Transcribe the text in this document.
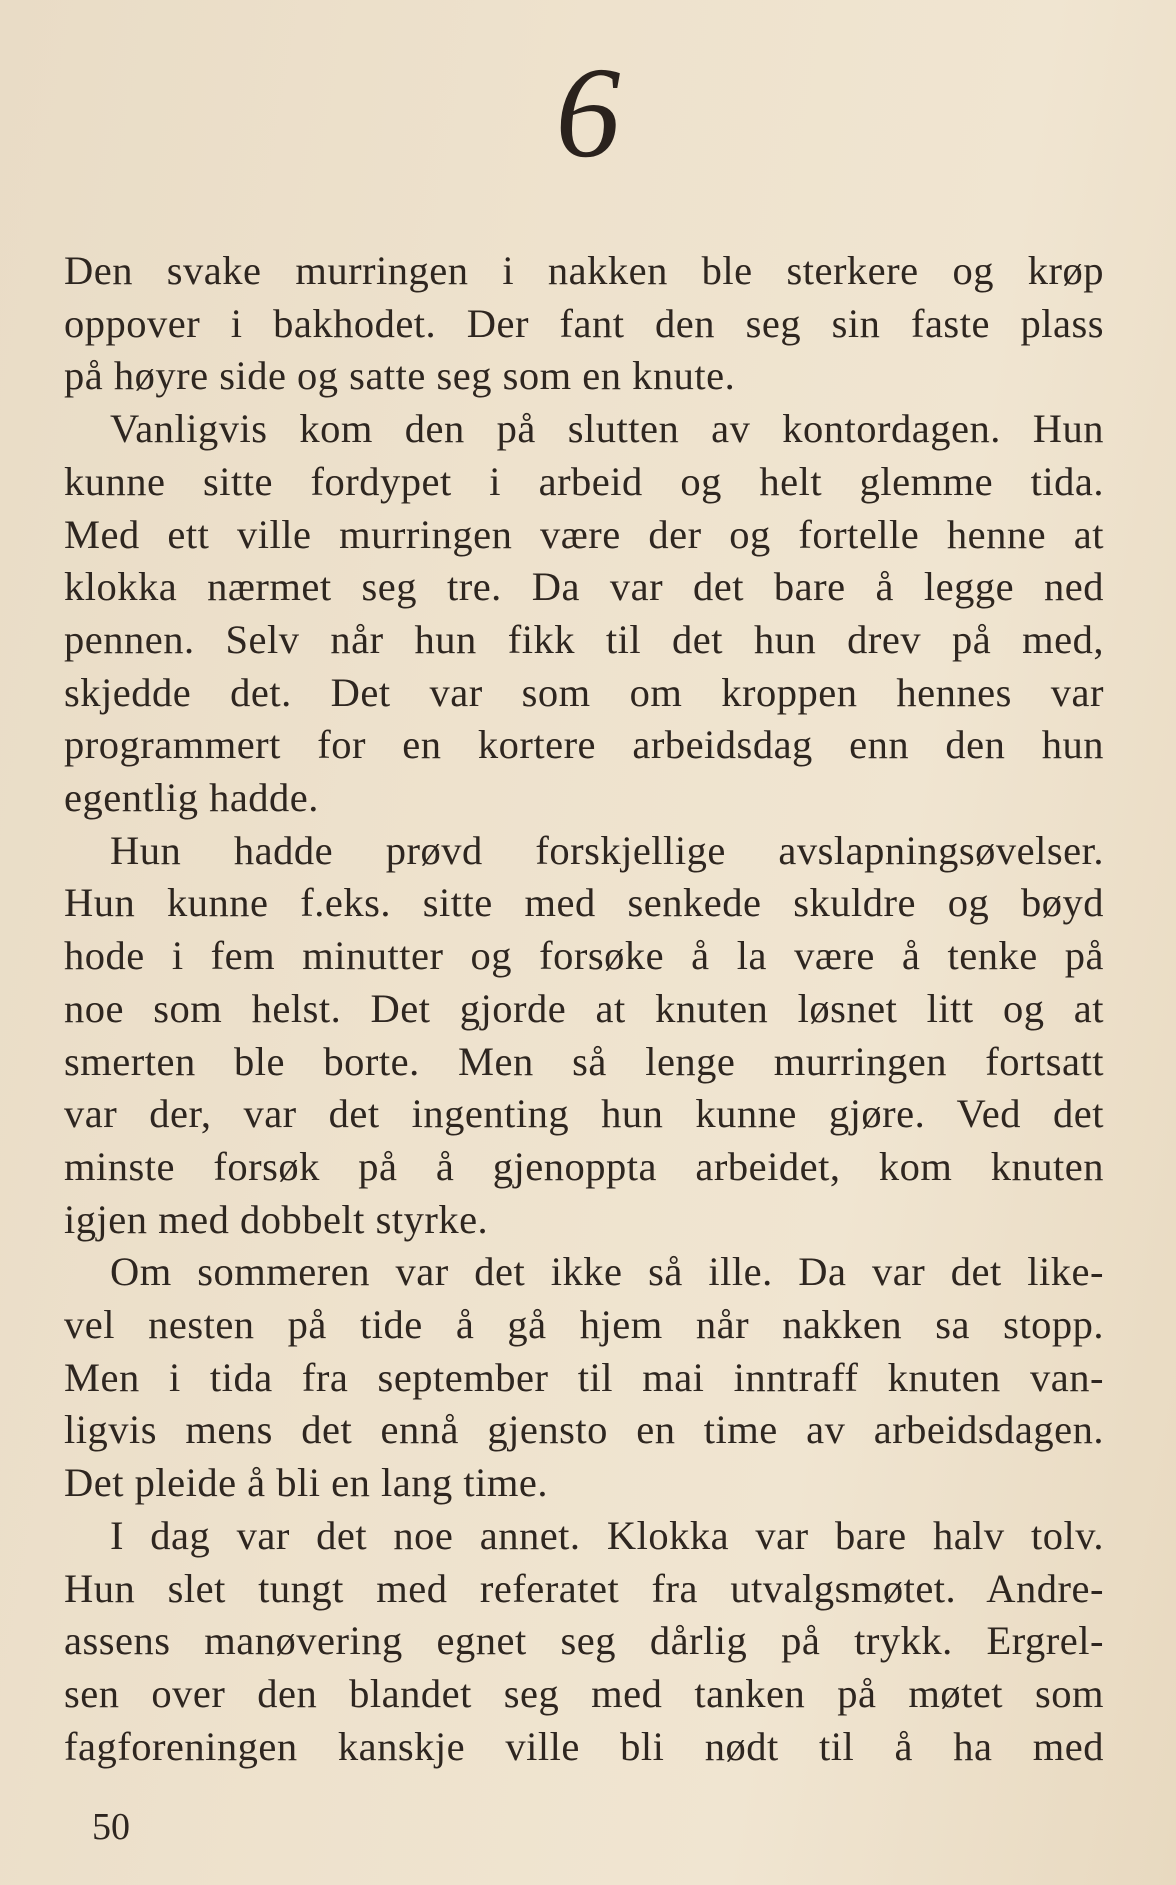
6

Den svake murringen i nakken ble sterkere og krøp
oppover i bakhodet. Der fant den seg sin faste plass
på høyre side og satte seg som en knute.

Vanligvis kom den på slutten av kontordagen. Hun
kunne sitte fordypet i arbeid og helt glemme tida.
Med ett ville murringen være der og fortelle henne at
klokka nærmet seg tre. Da var det bare å legge ned
pennen. Selv når hun fikk til det hun drev på med,
skjedde det. Det var som om kroppen hennes var
programmert for en kortere arbeidsdag enn den hun
egentlig hadde.

Hun hadde prøvd forskjellige avslapningsøvelser.
Hun kunne f.eks. sitte med senkede skuldre og bøyd
hode i fem minutter og forsøke å la være å tenke på
noe som helst. Det gjorde at knuten løsnet litt og at
smerten ble borte. Men så lenge murringen fortsatt
var der, var det ingenting hun kunne gjøre. Ved det
minste forsøk på å gjenoppta arbeidet, kom knuten
igjen med dobbelt styrke.

Om sommeren var det ikke så ille. Da var det like-
vel nesten på tide å gå hjem når nakken sa stopp.
Men i tida fra september til mai inntraff knuten van-
ligvis mens det ennå gjensto en time av arbeidsdagen.
Det pleide å bli en lang time.

I dag var det noe annet. Klokka var bare halv tolv.
Hun slet tungt med referatet fra utvalgsmøtet. Andre-
assens manøvering egnet seg dårlig på trykk. Ergrel-
sen over den blandet seg med tanken på møtet som
fagforeningen kanskje ville bli nødt til å ha med

50
